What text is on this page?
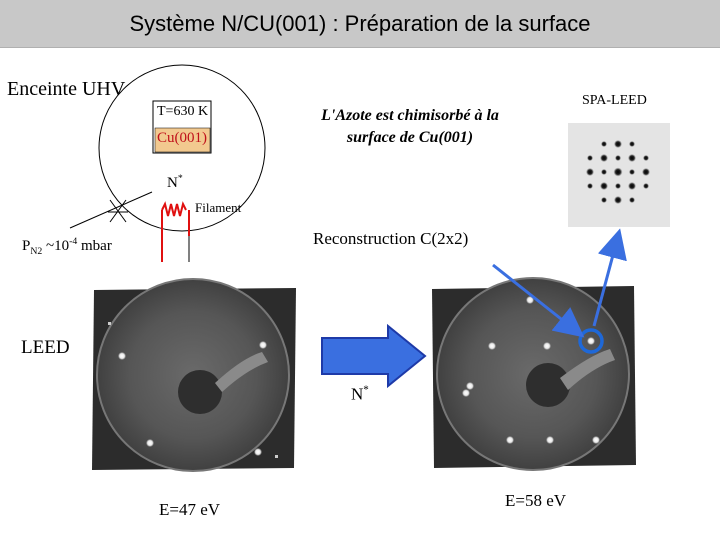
Système N/CU(001) : Préparation de la surface
Enceinte UHV
T=630 K
Cu(001)
N*
Filament
$P_{N2}$ $\sim 10^{-4}$ mbar
L'Azote est chimisorbé à la surface de Cu(001)
SPA-LEED
Reconstruction C(2x2)
LEED
N*
E=47 eV	E=58 eV
